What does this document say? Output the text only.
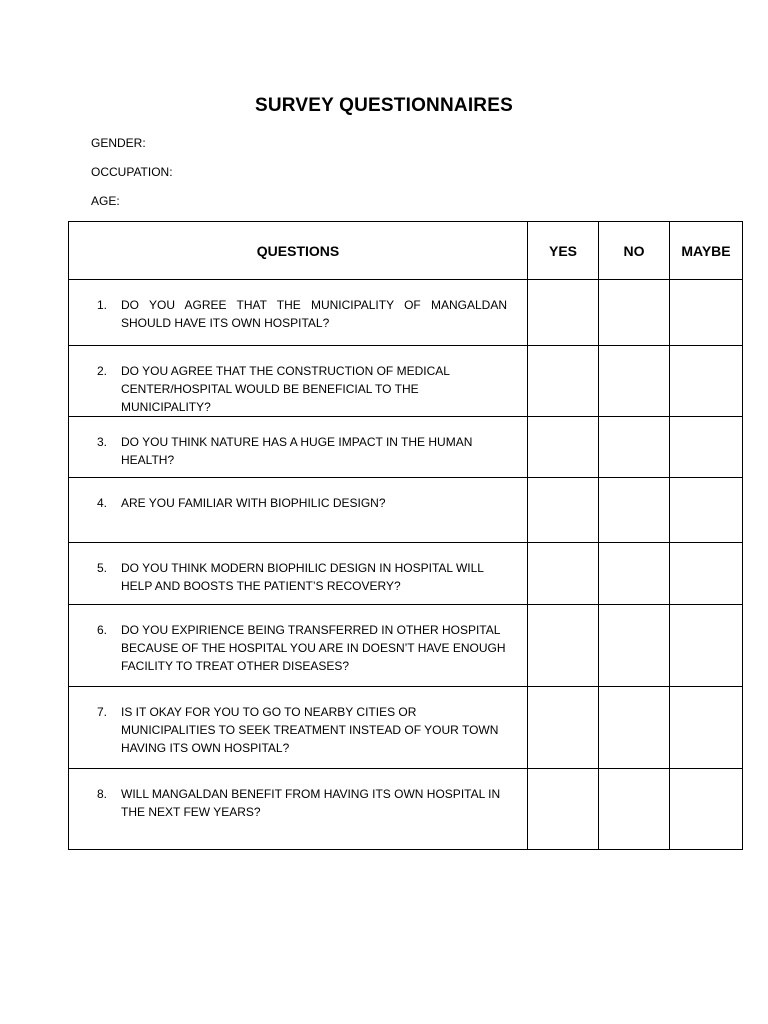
SURVEY QUESTIONNAIRES
GENDER:
OCCUPATION:
AGE:
QUESTIONS	YES	NO	MAYBE

1. DO YOU AGREE THAT THE MUNICIPALITY OF MANGALDAN SHOULD HAVE ITS OWN HOSPITAL?			

2. DO YOU AGREE THAT THE CONSTRUCTION OF MEDICAL CENTER/HOSPITAL WOULD BE BENEFICIAL TO THE MUNICIPALITY?			

3. DO YOU THINK NATURE HAS A HUGE IMPACT IN THE HUMAN HEALTH?			

4. ARE YOU FAMILIAR WITH BIOPHILIC DESIGN?			

5. DO YOU THINK MODERN BIOPHILIC DESIGN IN HOSPITAL WILL HELP AND BOOSTS THE PATIENT’S RECOVERY?			

6. DO YOU EXPIRIENCE BEING TRANSFERRED IN OTHER HOSPITAL BECAUSE OF THE HOSPITAL YOU ARE IN DOESN’T HAVE ENOUGH FACILITY TO TREAT OTHER DISEASES?			

7. IS IT OKAY FOR YOU TO GO TO NEARBY CITIES OR MUNICIPALITIES TO SEEK TREATMENT INSTEAD OF YOUR TOWN HAVING ITS OWN HOSPITAL?			

8. WILL MANGALDAN BENEFIT FROM HAVING ITS OWN HOSPITAL IN THE NEXT FEW YEARS?			
